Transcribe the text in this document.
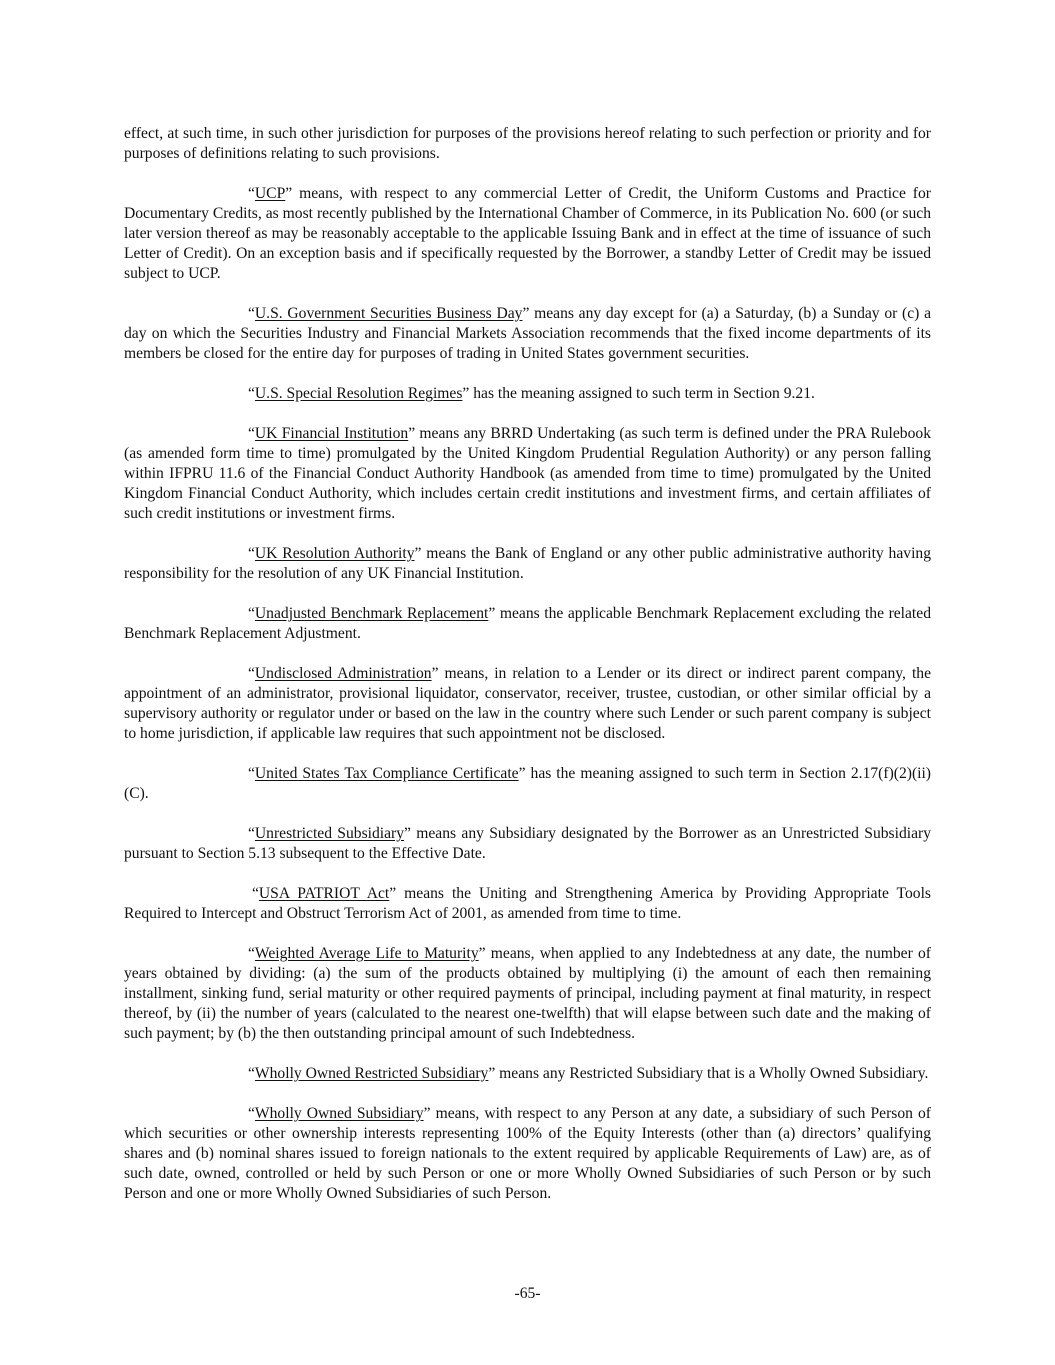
effect, at such time, in such other jurisdiction for purposes of the provisions hereof relating to such perfection or priority and for purposes of definitions relating to such provisions.

“UCP” means, with respect to any commercial Letter of Credit, the Uniform Customs and Practice for Documentary Credits, as most recently published by the International Chamber of Commerce, in its Publication No. 600 (or such later version thereof as may be reasonably acceptable to the applicable Issuing Bank and in effect at the time of issuance of such Letter of Credit). On an exception basis and if specifically requested by the Borrower, a standby Letter of Credit may be issued subject to UCP.

“U.S. Government Securities Business Day” means any day except for (a) a Saturday, (b) a Sunday or (c) a day on which the Securities Industry and Financial Markets Association recommends that the fixed income departments of its members be closed for the entire day for purposes of trading in United States government securities.

“U.S. Special Resolution Regimes” has the meaning assigned to such term in Section 9.21.

“UK Financial Institution” means any BRRD Undertaking (as such term is defined under the PRA Rulebook (as amended form time to time) promulgated by the United Kingdom Prudential Regulation Authority) or any person falling within IFPRU 11.6 of the Financial Conduct Authority Handbook (as amended from time to time) promulgated by the United Kingdom Financial Conduct Authority, which includes certain credit institutions and investment firms, and certain affiliates of such credit institutions or investment firms.

“UK Resolution Authority” means the Bank of England or any other public administrative authority having responsibility for the resolution of any UK Financial Institution.

“Unadjusted Benchmark Replacement” means the applicable Benchmark Replacement excluding the related Benchmark Replacement Adjustment.

“Undisclosed Administration” means, in relation to a Lender or its direct or indirect parent company, the appointment of an administrator, provisional liquidator, conservator, receiver, trustee, custodian, or other similar official by a supervisory authority or regulator under or based on the law in the country where such Lender or such parent company is subject to home jurisdiction, if applicable law requires that such appointment not be disclosed.

“United States Tax Compliance Certificate” has the meaning assigned to such term in Section 2.17(f)(2)(ii)(C).

“Unrestricted Subsidiary” means any Subsidiary designated by the Borrower as an Unrestricted Subsidiary pursuant to Section 5.13 subsequent to the Effective Date.

“USA PATRIOT Act” means the Uniting and Strengthening America by Providing Appropriate Tools Required to Intercept and Obstruct Terrorism Act of 2001, as amended from time to time.

“Weighted Average Life to Maturity” means, when applied to any Indebtedness at any date, the number of years obtained by dividing: (a) the sum of the products obtained by multiplying (i) the amount of each then remaining installment, sinking fund, serial maturity or other required payments of principal, including payment at final maturity, in respect thereof, by (ii) the number of years (calculated to the nearest one-twelfth) that will elapse between such date and the making of such payment; by (b) the then outstanding principal amount of such Indebtedness.

“Wholly Owned Restricted Subsidiary” means any Restricted Subsidiary that is a Wholly Owned Subsidiary.

“Wholly Owned Subsidiary” means, with respect to any Person at any date, a subsidiary of such Person of which securities or other ownership interests representing 100% of the Equity Interests (other than (a) directors’ qualifying shares and (b) nominal shares issued to foreign nationals to the extent required by applicable Requirements of Law) are, as of such date, owned, controlled or held by such Person or one or more Wholly Owned Subsidiaries of such Person or by such Person and one or more Wholly Owned Subsidiaries of such Person.

-65-
